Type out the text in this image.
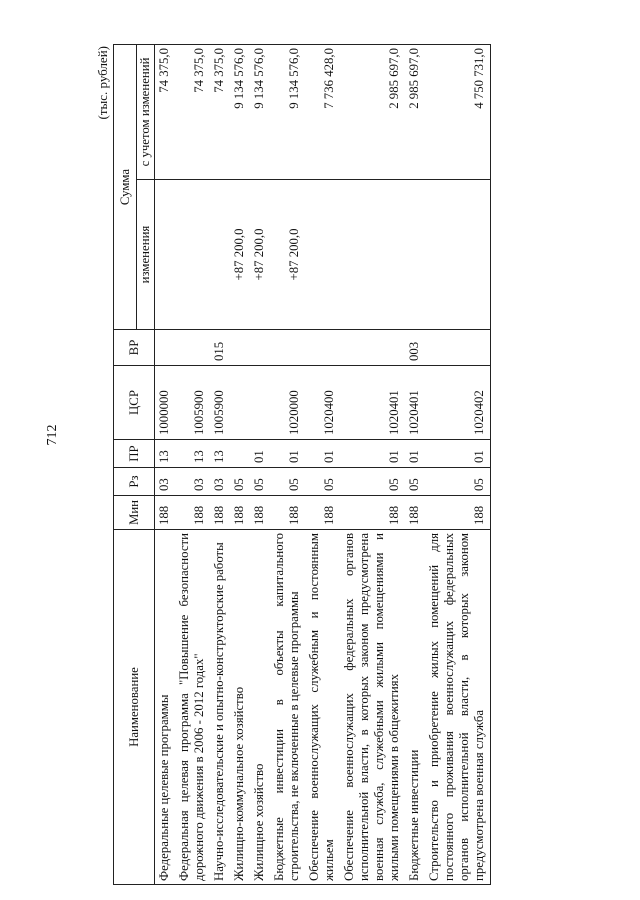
712
(тыс. рублей)
Наименование	Мин	Рз	ПР	ЦСР	ВР	Сумма	
						изменения	с учетом изменений
Федеральные целевые программы	188	03	13	1000000			74 375,0
Федеральная целевая программа "Повышение безопасности дорожного движения в 2006 - 2012 годах"	188	03	13	1005900			74 375,0
Научно-исследовательские и опытно-конструкторские работы	188	03	13	1005900	015		74 375,0
Жилищно-коммунальное хозяйство	188	05				+87 200,0	9 134 576,0
Жилищное хозяйство	188	05	01			+87 200,0	9 134 576,0
Бюджетные инвестиции в объекты капитального строительства, не включенные в целевые программы	188	05	01	1020000		+87 200,0	9 134 576,0
Обеспечение военнослужащих служебным и постоянным жильем	188	05	01	1020400			7 736 428,0
Обеспечение военнослужащих федеральных органов исполнительной власти, в которых законом предусмотрена военная служба, служебными жилыми помещениями и жилыми помещениями в общежитиях	188	05	01	1020401			2 985 697,0
Бюджетные инвестиции	188	05	01	1020401	003		2 985 697,0
Строительство и приобретение жилых помещений для постоянного проживания военнослужащих федеральных органов исполнительной власти, в которых законом предусмотрена военная служба	188	05	01	1020402			4 750 731,0
